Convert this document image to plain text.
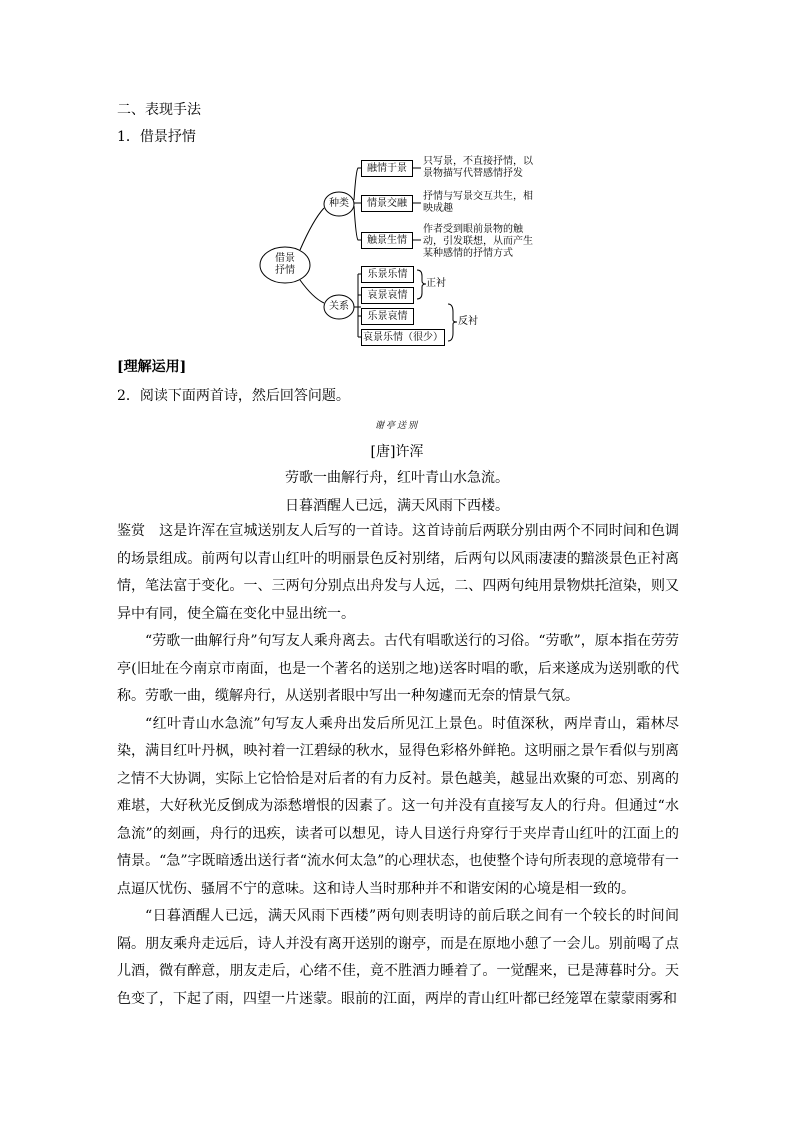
二、表现手法
1．借景抒情
借景
抒情
种类
关系
融情于景
情景交融
触景生情
只写景，不直接抒情，以
景物描写代替感情抒发
抒情与写景交互共生，相
映成趣
作者受到眼前景物的触
动，引发联想，从而产生
某种感情的抒情方式
乐景乐情
哀景哀情
乐景哀情
哀景乐情（很少）
正衬
反衬
[理解运用]
2．阅读下面两首诗，然后回答问题。
谢亭送别
[唐]许浑
劳歌一曲解行舟，红叶青山水急流。
日暮酒醒人已远，满天风雨下西楼。

鉴赏　这是许浑在宣城送别友人后写的一首诗。这首诗前后两联分别由两个不同时间和色调的场景组成。前两句以青山红叶的明丽景色反衬别绪，后两句以风雨凄凄的黯淡景色正衬离情，笔法富于变化。一、三两句分别点出舟发与人远，二、四两句纯用景物烘托渲染，则又异中有同，使全篇在变化中显出统一。

“劳歌一曲解行舟”句写友人乘舟离去。古代有唱歌送行的习俗。“劳歌”，原本指在劳劳亭(旧址在今南京市南面，也是一个著名的送别之地)送客时唱的歌，后来遂成为送别歌的代称。劳歌一曲，缆解舟行，从送别者眼中写出一种匆遽而无奈的情景气氛。

“红叶青山水急流”句写友人乘舟出发后所见江上景色。时值深秋，两岸青山，霜林尽染，满目红叶丹枫，映衬着一江碧绿的秋水，显得色彩格外鲜艳。这明丽之景乍看似与别离之情不大协调，实际上它恰恰是对后者的有力反衬。景色越美，越显出欢聚的可恋、别离的难堪，大好秋光反倒成为添愁增恨的因素了。这一句并没有直接写友人的行舟。但通过“水急流”的刻画，舟行的迅疾，读者可以想见，诗人目送行舟穿行于夹岸青山红叶的江面上的情景。“急”字既暗透出送行者“流水何太急”的心理状态，也使整个诗句所表现的意境带有一点逼仄忧伤、骚屑不宁的意味。这和诗人当时那种并不和谐安闲的心境是相一致的。

“日暮酒醒人已远，满天风雨下西楼”两句则表明诗的前后联之间有一个较长的时间间隔。朋友乘舟走远后，诗人并没有离开送别的谢亭，而是在原地小憩了一会儿。别前喝了点儿酒，微有醉意，朋友走后，心绪不佳，竟不胜酒力睡着了。一觉醒来，已是薄暮时分。天色变了，下起了雨，四望一片迷蒙。眼前的江面，两岸的青山红叶都已经笼罩在蒙蒙雨雾和
